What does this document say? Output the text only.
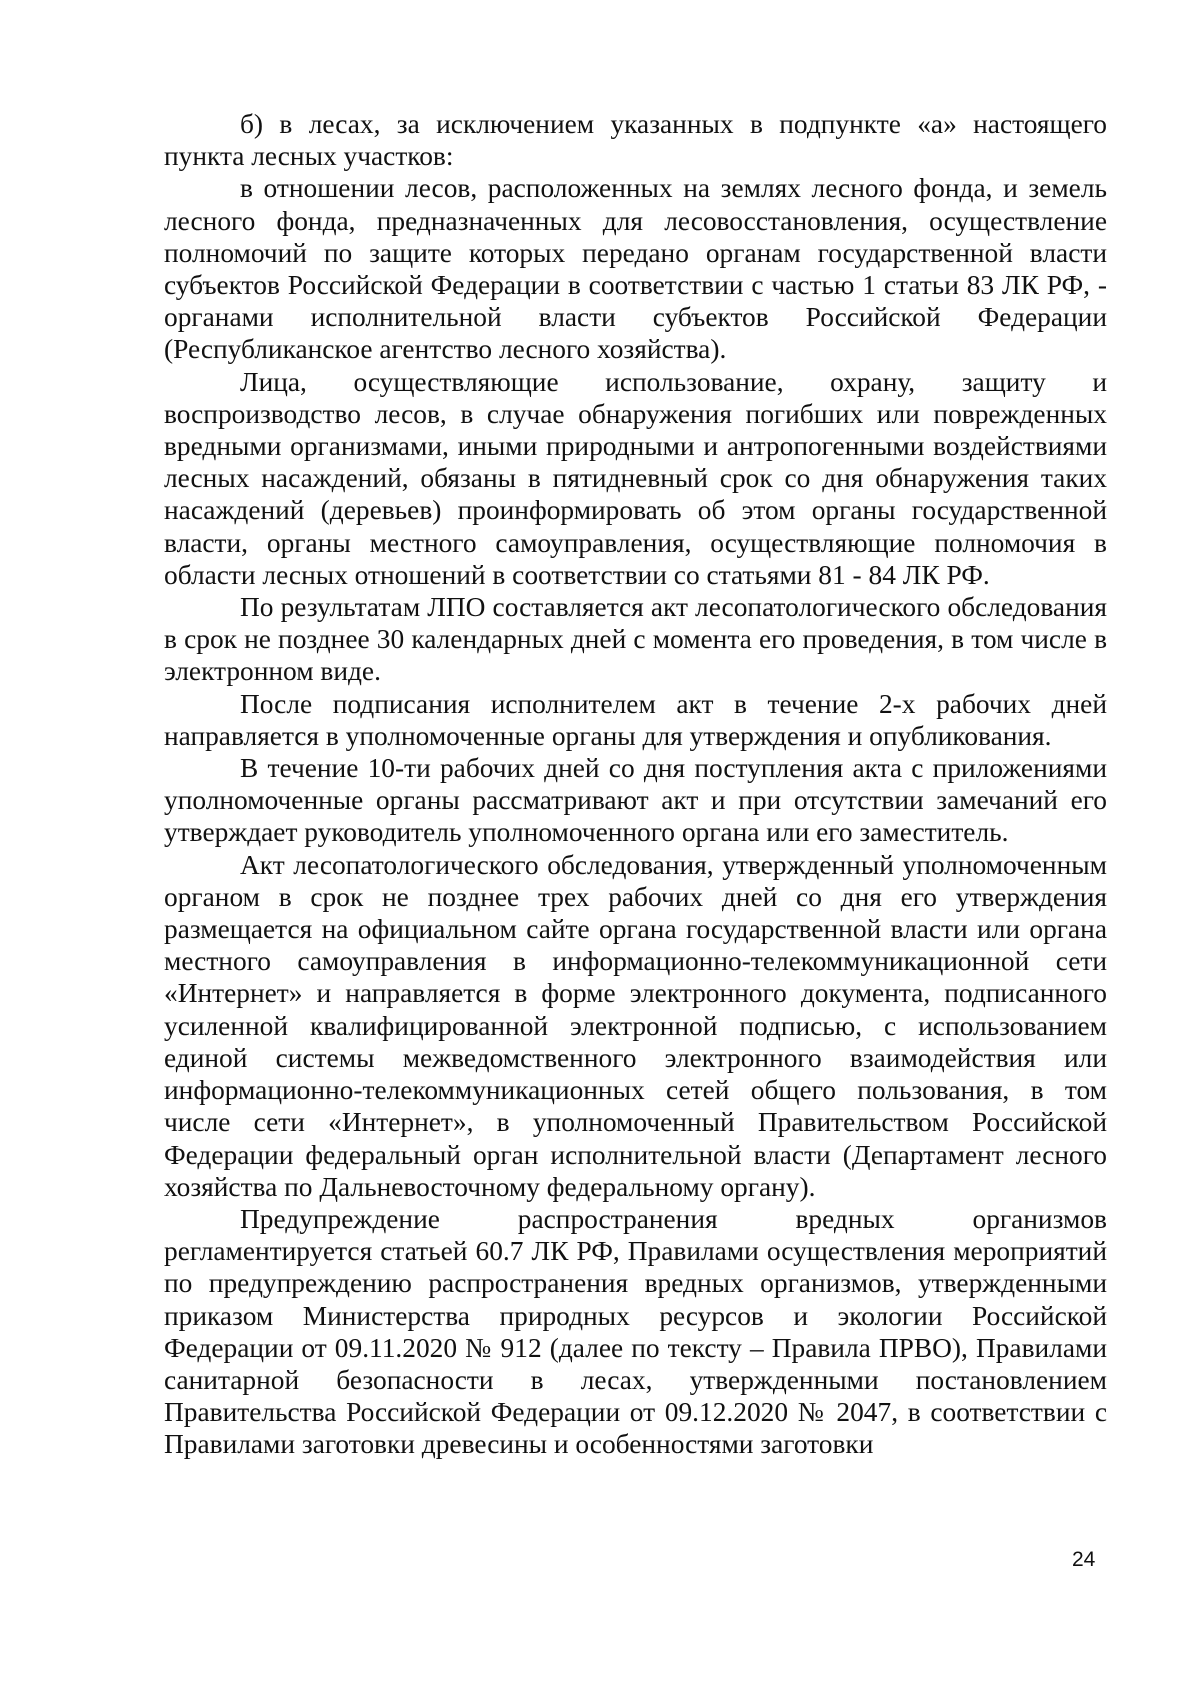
б) в лесах, за исключением указанных в подпункте «а» настоящего пункта лесных участков:

в отношении лесов, расположенных на землях лесного фонда, и земель лесного фонда, предназначенных для лесовосстановления, осуществление полномочий по защите которых передано органам государственной власти субъектов Российской Федерации в соответствии с частью 1 статьи 83 ЛК РФ, - органами исполнительной власти субъектов Российской Федерации (Республиканское агентство лесного хозяйства).

Лица, осуществляющие использование, охрану, защиту и воспроизводство лесов, в случае обнаружения погибших или поврежденных вредными организмами, иными природными и антропогенными воздействиями лесных насаждений, обязаны в пятидневный срок со дня обнаружения таких насаждений (деревьев) проинформировать об этом органы государственной власти, органы местного самоуправления, осуществляющие полномочия в области лесных отношений в соответствии со статьями 81 - 84 ЛК РФ.

По результатам ЛПО составляется акт лесопатологического обследования в срок не позднее 30 календарных дней с момента его проведения, в том числе в электронном виде.

После подписания исполнителем акт в течение 2-х рабочих дней направляется в уполномоченные органы для утверждения и опубликования.

В течение 10-ти рабочих дней со дня поступления акта с приложениями уполномоченные органы рассматривают акт и при отсутствии замечаний его утверждает руководитель уполномоченного органа или его заместитель.

Акт лесопатологического обследования, утвержденный уполномоченным органом в срок не позднее трех рабочих дней со дня его утверждения размещается на официальном сайте органа государственной власти или органа местного самоуправления в информационно-телекоммуникационной сети «Интернет» и направляется в форме электронного документа, подписанного усиленной квалифицированной электронной подписью, с использованием единой системы межведомственного электронного взаимодействия или информационно-телекоммуникационных сетей общего пользования, в том числе сети «Интернет», в уполномоченный Правительством Российской Федерации федеральный орган исполнительной власти (Департамент лесного хозяйства по Дальневосточному федеральному органу).

Предупреждение распространения вредных организмов регламентируется статьей 60.7 ЛК РФ, Правилами осуществления мероприятий по предупреждению распространения вредных организмов, утвержденными приказом Министерства природных ресурсов и экологии Российской Федерации от 09.11.2020 № 912 (далее по тексту – Правила ПРВО), Правилами санитарной безопасности в лесах, утвержденными постановлением Правительства Российской Федерации от 09.12.2020 № 2047, в соответствии с Правилами заготовки древесины и особенностями заготовки

24
